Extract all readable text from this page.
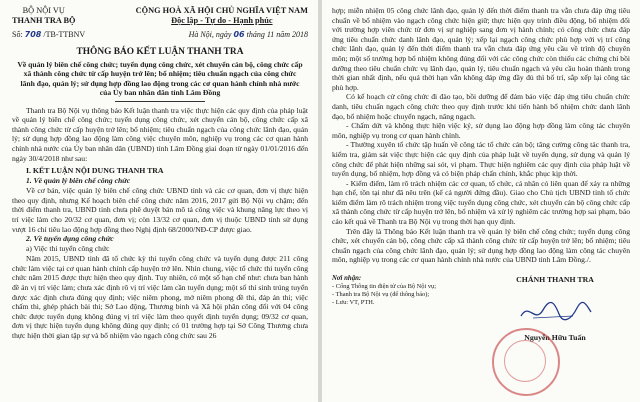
BỘ NỘI VỤ
THANH TRA BỘ
CỘNG HOÀ XÃ HỘI CHỦ NGHĨA VIỆT NAM
Độc lập - Tự do - Hạnh phúc
Số: 708 /TB-TTBNV	Hà Nội, ngày 06 tháng 11 năm 2018
THÔNG BÁO KẾT LUẬN THANH TRA
Về quản lý biên chế công chức; tuyển dụng công chức, xét chuyển cán bộ, công chức cấp xã thành công chức từ cấp huyện trở lên; bổ nhiệm; tiêu chuẩn ngạch của công chức lãnh đạo, quản lý; sử dụng hợp đồng lao động trong các cơ quan hành chính nhà nước của Ủy ban nhân dân tỉnh Lâm Đồng

Thanh tra Bộ Nội vụ thông báo Kết luận thanh tra việc thực hiện các quy định của pháp luật về quản lý biên chế công chức; tuyển dụng công chức, xét chuyển cán bộ, công chức cấp xã thành công chức từ cấp huyện trở lên; bổ nhiệm; tiêu chuẩn ngạch của công chức lãnh đạo, quản lý; sử dụng hợp đồng lao động làm công việc chuyên môn, nghiệp vụ trong các cơ quan hành chính nhà nước của Ủy ban nhân dân (UBND) tỉnh Lâm Đồng giai đoạn từ ngày 01/01/2016 đến ngày 30/4/2018 như sau:

I. KẾT LUẬN NỘI DUNG THANH TRA
1. Về quản lý biên chế công chức

Về cơ bản, việc quản lý biên chế công chức UBND tỉnh và các cơ quan, đơn vị thực hiện theo quy định, nhưng Kế hoạch biên chế công chức năm 2016, 2017 gửi Bộ Nội vụ chậm; đến thời điểm thanh tra, UBND tỉnh chưa phê duyệt bản mô tả công việc và khung năng lực theo vị trí việc làm cho 20/32 cơ quan, đơn vị; còn 13/32 cơ quan, đơn vị thuộc UBND tỉnh sử dụng vượt 16 chỉ tiêu lao động hợp đồng theo Nghị định 68/2000/NĐ-CP được giao.

2. Về tuyển dụng công chức
a) Việc thi tuyển công chức

Năm 2015, UBND tỉnh đã tổ chức kỳ thi tuyển công chức và tuyển dụng được 211 công chức làm việc tại cơ quan hành chính cấp huyện trở lên. Nhìn chung, việc tổ chức thi tuyển công chức năm 2015 được thực hiện theo quy định. Tuy nhiên, có một số hạn chế như: chưa ban hành đề án vị trí việc làm; chưa xác định rõ vị trí việc làm cần tuyển dụng; một số thí sinh trúng tuyển được xác định chưa đúng quy định; việc niêm phong, mở niêm phong đề thi, đáp án thi; việc chấm thi, ghép phách bài thi; Sở Lao động, Thương binh và Xã hội phân công đối với 04 công chức được tuyển dụng không đúng vị trí việc làm theo quyết định tuyển dụng; 09/32 cơ quan, đơn vị thực hiện tuyển dụng không đúng quy định; có 01 trường hợp tại Sở Công Thương chưa thực hiện thời gian tập sự và bổ nhiệm vào ngạch công chức sau 26

hợp; miễn nhiệm 05 công chức lãnh đạo, quản lý đến thời điểm thanh tra vẫn chưa đáp ứng tiêu chuẩn về bổ nhiệm vào ngạch công chức hiện giữ; thực hiện quy trình điều động, bổ nhiệm đối với trường hợp viên chức từ đơn vị sự nghiệp sang đơn vị hành chính; có công chức chưa đáp ứng tiêu chuẩn chức danh lãnh đạo, quản lý; xếp lại ngạch công chức phù hợp với vị trí công chức lãnh đạo, quản lý đến thời điểm thanh tra vẫn chưa đáp ứng yêu cầu về trình độ chuyên môn; một số trường hợp bổ nhiệm không đúng đối với các công chức còn thiếu các chứng chỉ bồi dưỡng theo tiêu chuẩn chức vụ lãnh đạo, quản lý, tiêu chuẩn ngạch và yêu cầu hoàn thành trong thời gian nhất định, nếu quá thời hạn vẫn không đáp ứng đầy đủ thì bố trí, sắp xếp lại công tác phù hợp.

Có kế hoạch cử công chức đi đào tạo, bồi dưỡng để đảm bảo việc đáp ứng tiêu chuẩn chức danh, tiêu chuẩn ngạch công chức theo quy định trước khi tiến hành bổ nhiệm chức danh lãnh đạo, bổ nhiệm hoặc chuyển ngạch, nâng ngạch.

- Chấm dứt và không thực hiện việc ký, sử dụng lao động hợp đồng làm công tác chuyên môn, nghiệp vụ trong cơ quan hành chính.

- Thường xuyên tổ chức tập huấn về công tác tổ chức cán bộ; tăng cường công tác thanh tra, kiểm tra, giám sát việc thực hiện các quy định của pháp luật về tuyển dụng, sử dụng và quản lý công chức để phát hiện những sai sót, vi phạm. Thực hiện nghiêm các quy định của pháp luật về tuyển dụng, bổ nhiệm, hợp đồng và có biện pháp chấn chỉnh, khắc phục kịp thời.

- Kiểm điểm, làm rõ trách nhiệm các cơ quan, tổ chức, cá nhân có liên quan để xảy ra những hạn chế, tồn tại như đã nêu trên (kể cả người đứng đầu). Giao cho Chủ tịch UBND tỉnh tổ chức kiểm điểm làm rõ trách nhiệm trong việc tuyển dụng công chức, xét chuyển cán bộ công chức cấp xã thành công chức từ cấp huyện trở lên, bổ nhiệm và xử lý nghiêm các trường hợp sai phạm, báo cáo kết quả về Thanh tra Bộ Nội vụ trong thời hạn quy định.

Trên đây là Thông báo Kết luận thanh tra về quản lý biên chế công chức; tuyển dụng công chức, xét chuyển cán bộ, công chức cấp xã thành công chức từ cấp huyện trở lên; bổ nhiệm; tiêu chuẩn ngạch của công chức lãnh đạo, quản lý; sử dụng hợp đồng lao động làm công tác chuyên môn, nghiệp vụ trong các cơ quan hành chính nhà nước của UBND tỉnh Lâm Đồng./.

Nơi nhận:
- Cổng Thông tin điện tử của Bộ Nội vụ;
- Thanh tra Bộ Nội vụ (để thông báo);
- Lưu: VT, PTH.
CHÁNH THANH TRA
Nguyễn Hữu Tuấn
